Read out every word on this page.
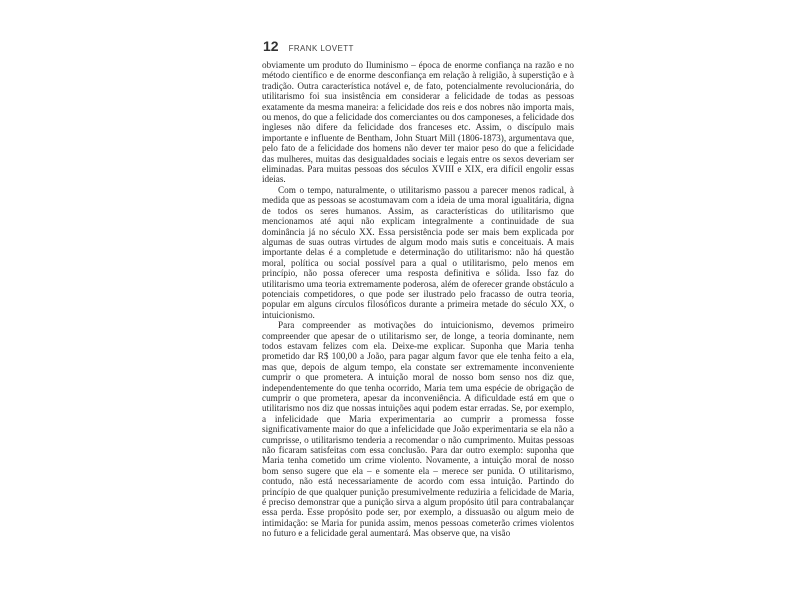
12 FRANK LOVETT

obviamente um produto do Iluminismo – época de enorme confiança na razão e no método científico e de enorme desconfiança em relação à religião, à superstição e à tradição. Outra característica notável e, de fato, potencialmente revolucionária, do utilitarismo foi sua insistência em considerar a felicidade de todas as pessoas exatamente da mesma maneira: a felicidade dos reis e dos nobres não importa mais, ou menos, do que a felicidade dos comerciantes ou dos camponeses, a felicidade dos ingleses não difere da felicidade dos franceses etc. Assim, o discípulo mais importante e influente de Bentham, John Stuart Mill (1806-1873), argumentava que, pelo fato de a felicidade dos homens não dever ter maior peso do que a felicidade das mulheres, muitas das desigualdades sociais e legais entre os sexos deveriam ser eliminadas. Para muitas pessoas dos séculos XVIII e XIX, era difícil engolir essas ideias.

Com o tempo, naturalmente, o utilitarismo passou a parecer menos radical, à medida que as pessoas se acostumavam com a ideia de uma moral igualitária, digna de todos os seres humanos. Assim, as características do utilitarismo que mencionamos até aqui não explicam integralmente a continuidade de sua dominância já no século XX. Essa persistência pode ser mais bem explicada por algumas de suas outras virtudes de algum modo mais sutis e conceituais. A mais importante delas é a completude e determinação do utilitarismo: não há questão moral, política ou social possível para a qual o utilitarismo, pelo menos em princípio, não possa oferecer uma resposta definitiva e sólida. Isso faz do utilitarismo uma teoria extremamente poderosa, além de oferecer grande obstáculo a potenciais competidores, o que pode ser ilustrado pelo fracasso de outra teoria, popular em alguns círculos filosóficos durante a primeira metade do século XX, o intuicionismo.

Para compreender as motivações do intuicionismo, devemos primeiro compreender que apesar de o utilitarismo ser, de longe, a teoria dominante, nem todos estavam felizes com ela. Deixe-me explicar. Suponha que Maria tenha prometido dar R$ 100,00 a João, para pagar algum favor que ele tenha feito a ela, mas que, depois de algum tempo, ela constate ser extremamente inconveniente cumprir o que prometera. A intuição moral de nosso bom senso nos diz que, independentemente do que tenha ocorrido, Maria tem uma espécie de obrigação de cumprir o que prometera, apesar da inconveniência. A dificuldade está em que o utilitarismo nos diz que nossas intuições aqui podem estar erradas. Se, por exemplo, a infelicidade que Maria experimentaria ao cumprir a promessa fosse significativamente maior do que a infelicidade que João experimentaria se ela não a cumprisse, o utilitarismo tenderia a recomendar o não cumprimento. Muitas pessoas não ficaram satisfeitas com essa conclusão. Para dar outro exemplo: suponha que Maria tenha cometido um crime violento. Novamente, a intuição moral de nosso bom senso sugere que ela – e somente ela – merece ser punida. O utilitarismo, contudo, não está necessariamente de acordo com essa intuição. Partindo do princípio de que qualquer punição presumivelmente reduziria a felicidade de Maria, é preciso demonstrar que a punição sirva a algum propósito útil para contrabalançar essa perda. Esse propósito pode ser, por exemplo, a dissuasão ou algum meio de intimidação: se Maria for punida assim, menos pessoas cometerão crimes violentos no futuro e a felicidade geral aumentará. Mas observe que, na visão
